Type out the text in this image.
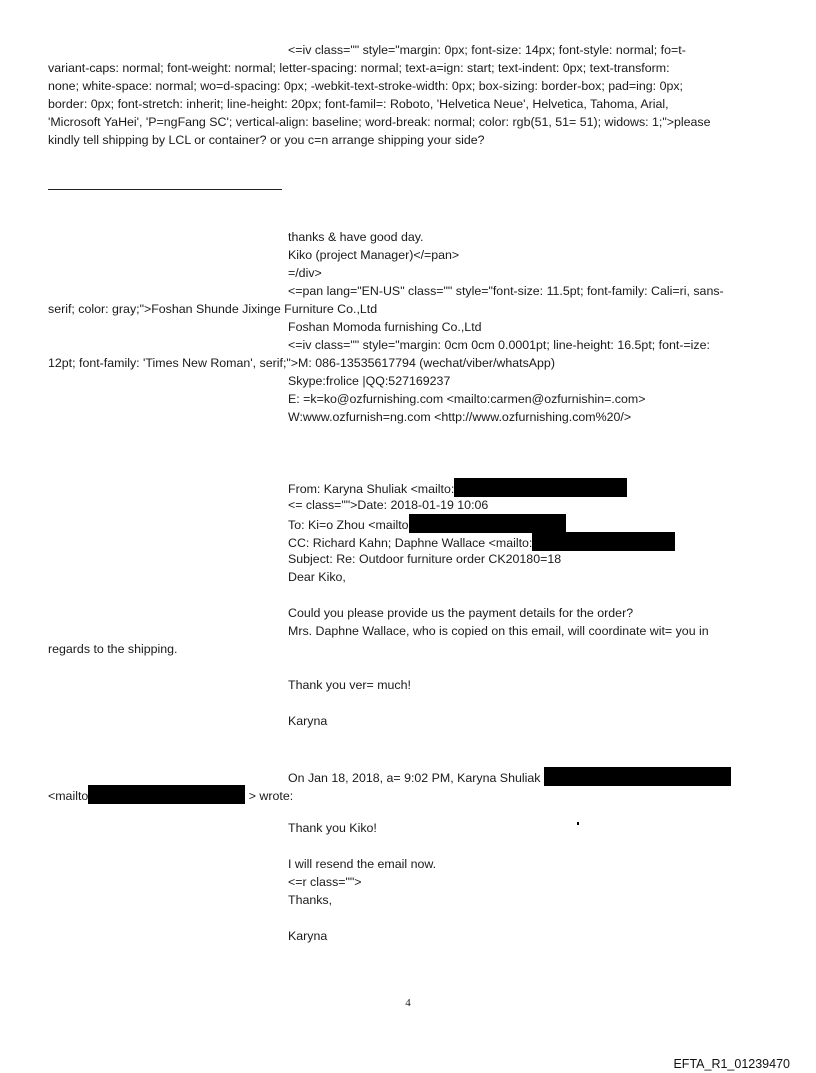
<=iv class="" style="margin: 0px; font-size: 14px; font-style: normal; fo=t-
variant-caps: normal; font-weight: normal; letter-spacing: normal; text-a=ign: start; text-indent: 0px; text-transform:
none; white-space: normal; wo=d-spacing: 0px; -webkit-text-stroke-width: 0px; box-sizing: border-box; pad=ing: 0px;
border: 0px; font-stretch: inherit; line-height: 20px; font-famil=: Roboto, 'Helvetica Neue', Helvetica, Tahoma, Arial,
'Microsoft YaHei', 'P=ngFang SC'; vertical-align: baseline; word-break: normal; color: rgb(51, 51= 51); widows: 1;">please
kindly tell shipping by LCL or container? or you c=n arrange shipping your side?
thanks & have good day.
Kiko (project Manager)</=pan>
=/div>
<=pan lang="EN-US" class="" style="font-size: 11.5pt; font-family: Cali=ri, sans-
serif; color: gray;">Foshan Shunde Jixinge Furniture Co.,Ltd
Foshan Momoda furnishing Co.,Ltd
<=iv class="" style="margin: 0cm 0cm 0.0001pt; line-height: 16.5pt; font-=ize:
12pt; font-family: 'Times New Roman', serif;">M: 086-13535617794 (wechat/viber/whatsApp)
Skype:frolice |QQ:527169237
E: =k=ko@ozfurnishing.com <mailto:carmen@ozfurnishin=.com>
W:www.ozfurnish=ng.com <http://www.ozfurnishing.com%20/>
From: Karyna Shuliak <mailto:
<= class="">Date: 2018-01-19 10:06
To: Ki=o Zhou <mailto
CC: Richard Kahn; Daphne Wallace <mailto:
Subject: Re: Outdoor furniture order CK20180=18
Dear Kiko,
Could you please provide us the payment details for the order?
Mrs. Daphne Wallace, who is copied on this email, will coordinate wit= you in
regards to the shipping.
Thank you ver= much!
Karyna
On Jan 18, 2018, a= 9:02 PM, Karyna Shuliak
<mailto	> wrote:
Thank you Kiko!
I will resend the email now.
<=r class="">
Thanks,
Karyna
4
EFTA_R1_01239470
